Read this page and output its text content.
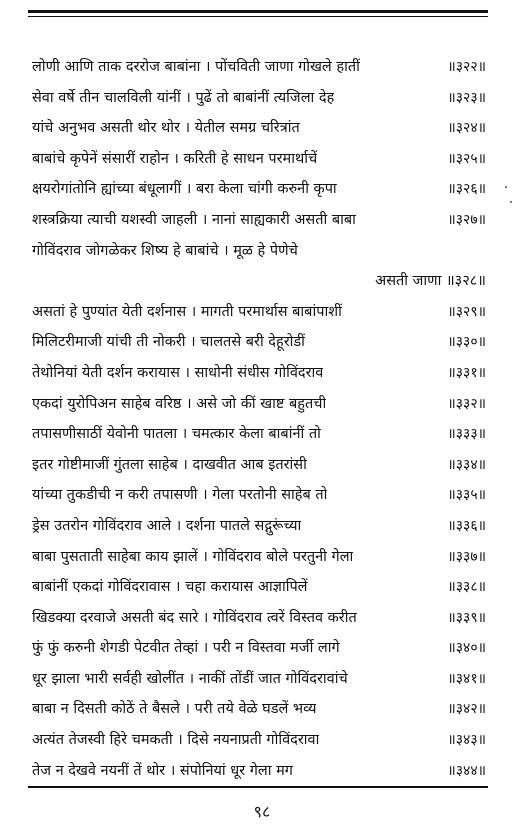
लोणी आणि ताक दररोज बाबांना । पोंचविती जाणा गोखले हातीं	॥३२२॥
सेवा वर्षे तीन चालविली यांनीं । पुढें तो बाबांनीं त्यजिला देह	॥३२३॥
यांचे अनुभव असती थोर थोर । येतील समग्र चरित्रांत	॥३२४॥
बाबांचे कृपेनें संसारीं राहोन । करिती हे साधन परमार्थाचें	॥३२५॥
क्षयरोगांतोनि ह्यांच्या बंधूलागीं । बरा केला चांगी करुनी कृपा	॥३२६॥
शस्त्रक्रिया त्याची यशस्वी जाहली । नानां साह्यकारी असती बाबा	॥३२७॥
गोविंदराव जोगळेकर शिष्य हे बाबांचे । मूळ हे पेणेचे
असती जाणा ॥३२८॥
असतां हे पुण्यांत येती दर्शनास । मागती परमार्थास बाबांपाशीं	॥३२९॥
मिलिटरीमाजी यांची ती नोकरी । चालतसे बरी देहूरोडीं	॥३३०॥
तेथोनियां येती दर्शन करायास । साधोनी संधीस गोविंदराव	॥३३१॥
एकदां युरोपिअन साहेब वरिष्ठ । असे जो कीं खाष्ट बहुतची	॥३३२॥
तपासणीसाठीं येवोनी पातला । चमत्कार केला बाबांनीं तो	॥३३३॥
इतर गोष्टीमाजीं गुंतला साहेब । दाखवीत आब इतरांसी	॥३३४॥
यांच्या तुकडीची न करी तपासणी । गेला परतोनी साहेब तो	॥३३५॥
ड्रेस उतरोन गोविंदराव आले । दर्शना पातले सद्गुरूंच्या	॥३३६॥
बाबा पुसताती साहेबा काय झालें । गोविंदराव बोले परतुनी गेला	॥३३७॥
बाबांनीं एकदां गोविंदरावास । चहा करायास आज्ञापिलें	॥३३८॥
खिडक्या दरवाजे असती बंद सारे । गोविंदराव त्वरें विस्तव करीत	॥३३९॥
फुं फुं करुनी शेगडी पेटवीत तेव्हां । परी न विस्तवा मर्जी लागे	॥३४०॥
धूर झाला भारी सर्वही खोलींत । नाकीं तोंडीं जात गोविंदरावांचे	॥३४१॥
बाबा न दिसती कोठें ते बैसले । परी तये वेळे घडलें भव्य	॥३४२॥
अत्यंत तेजस्वी हिरे चमकती । दिसे नयनाप्रती गोविंदरावा	॥३४३॥
तेज न देखवे नयनीं तें थोर । संपोनियां धूर गेला मग	॥३४४॥
९८
